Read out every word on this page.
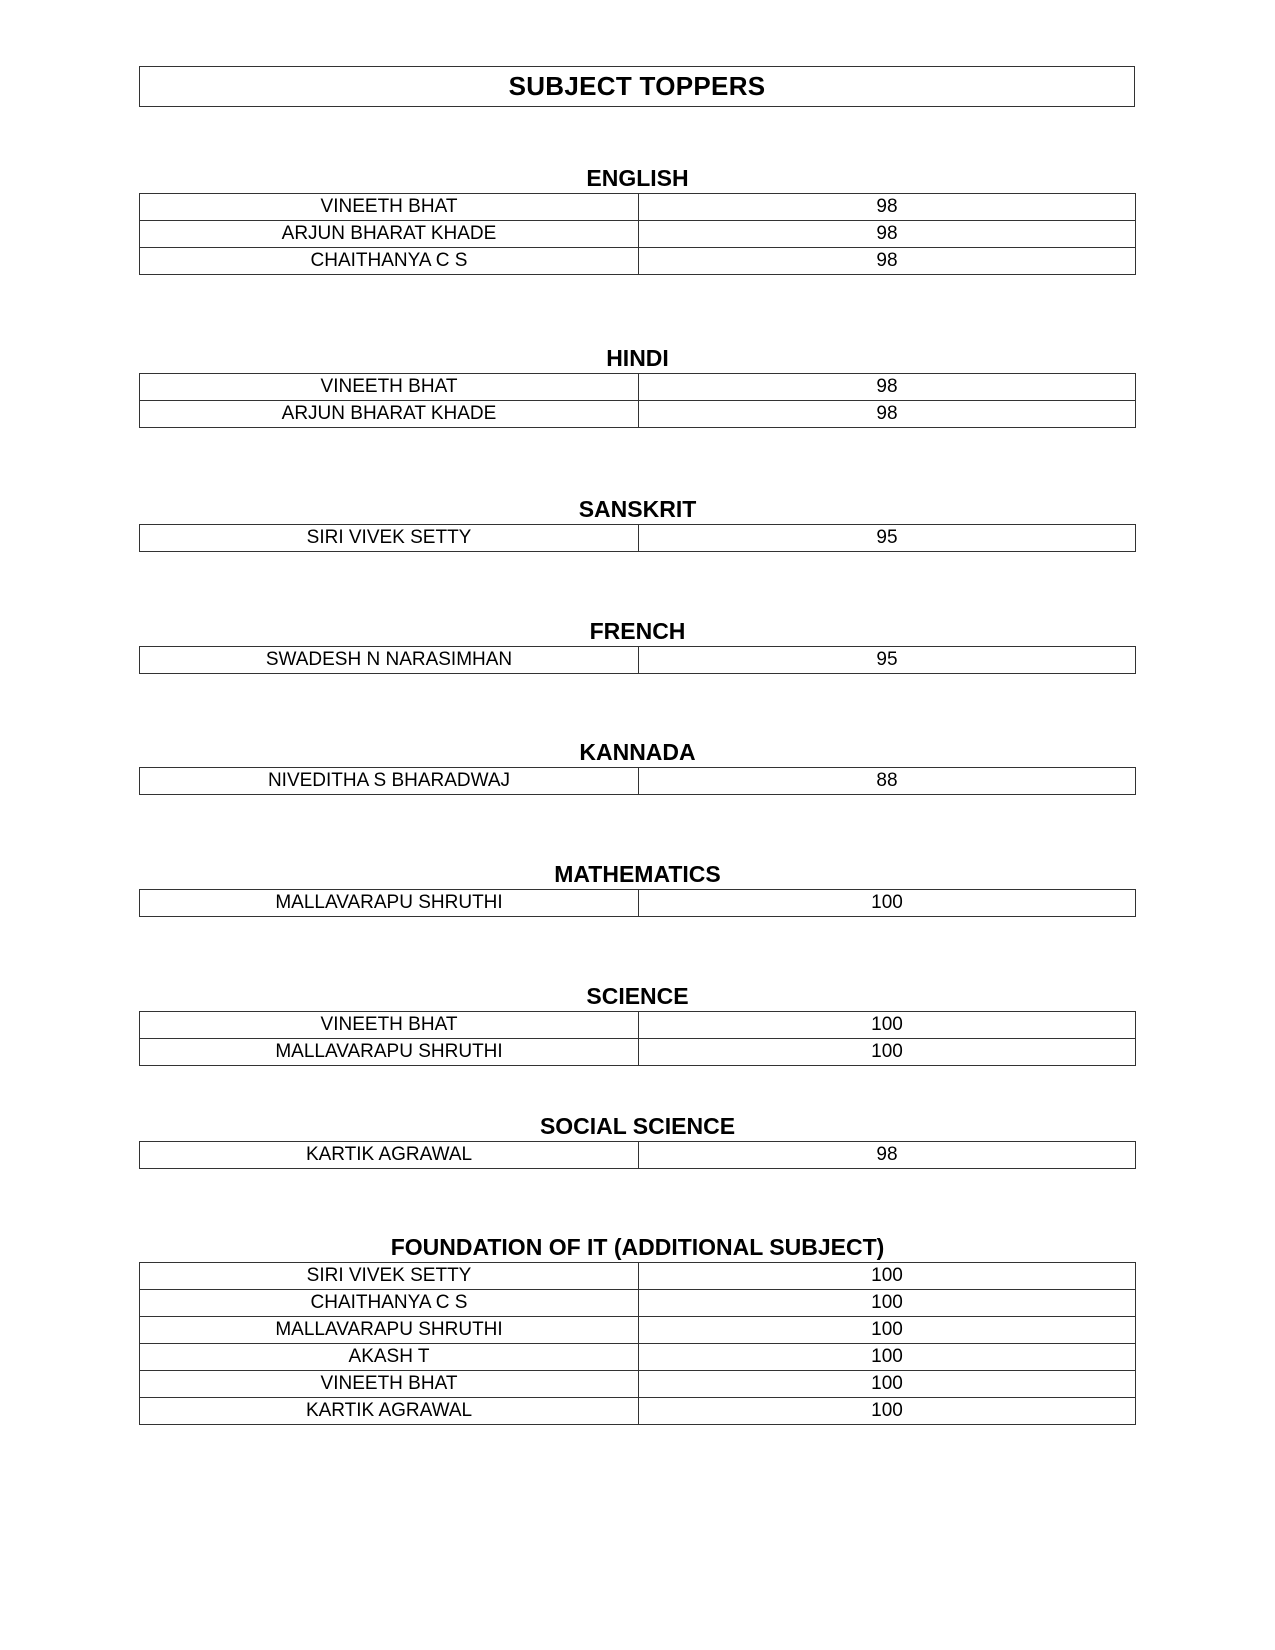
SUBJECT TOPPERS
ENGLISH
VINEETH BHAT	98
ARJUN BHARAT KHADE	98
CHAITHANYA C S	98
HINDI
VINEETH BHAT	98
ARJUN BHARAT KHADE	98
SANSKRIT
SIRI VIVEK SETTY	95
FRENCH
SWADESH N NARASIMHAN	95
KANNADA
NIVEDITHA S BHARADWAJ	88
MATHEMATICS
MALLAVARAPU SHRUTHI	100
SCIENCE
VINEETH BHAT	100
MALLAVARAPU SHRUTHI	100
SOCIAL SCIENCE
KARTIK AGRAWAL	98
FOUNDATION OF IT (ADDITIONAL SUBJECT)
SIRI VIVEK SETTY	100
CHAITHANYA C S	100
MALLAVARAPU SHRUTHI	100
AKASH T	100
VINEETH BHAT	100
KARTIK AGRAWAL	100
